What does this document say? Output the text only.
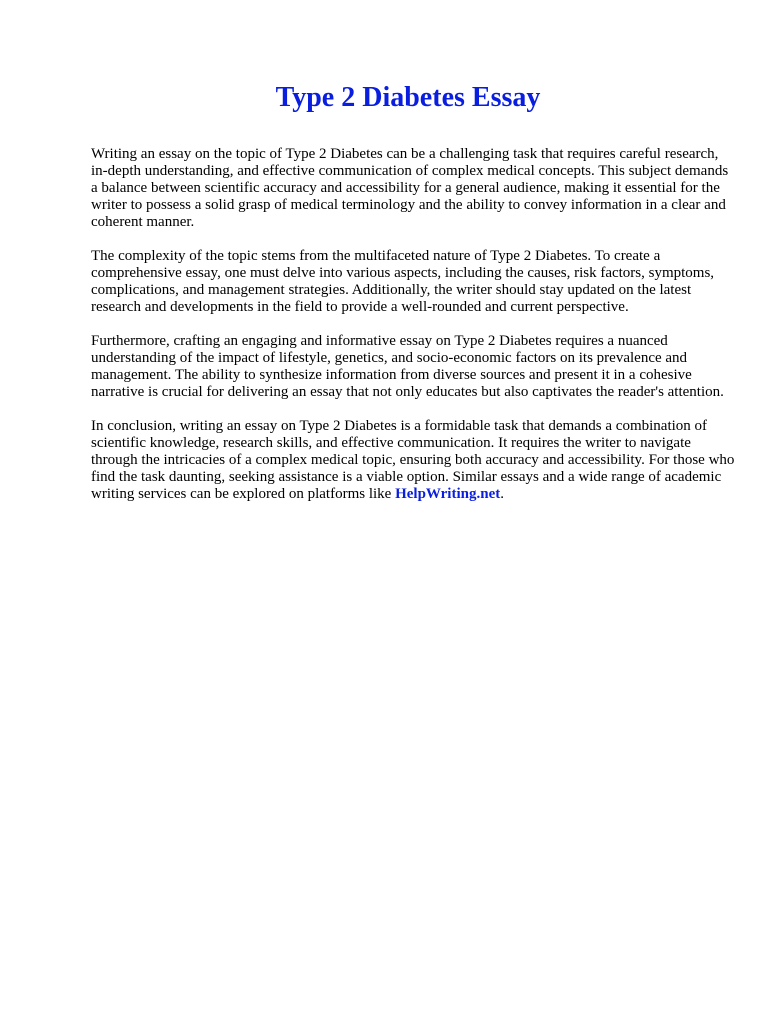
Type 2 Diabetes Essay

Writing an essay on the topic of Type 2 Diabetes can be a challenging task that requires careful research, in-depth understanding, and effective communication of complex medical concepts. This subject demands a balance between scientific accuracy and accessibility for a general audience, making it essential for the writer to possess a solid grasp of medical terminology and the ability to convey information in a clear and coherent manner.

The complexity of the topic stems from the multifaceted nature of Type 2 Diabetes. To create a comprehensive essay, one must delve into various aspects, including the causes, risk factors, symptoms, complications, and management strategies. Additionally, the writer should stay updated on the latest research and developments in the field to provide a well-rounded and current perspective.

Furthermore, crafting an engaging and informative essay on Type 2 Diabetes requires a nuanced understanding of the impact of lifestyle, genetics, and socio-economic factors on its prevalence and management. The ability to synthesize information from diverse sources and present it in a cohesive narrative is crucial for delivering an essay that not only educates but also captivates the reader's attention.

In conclusion, writing an essay on Type 2 Diabetes is a formidable task that demands a combination of scientific knowledge, research skills, and effective communication. It requires the writer to navigate through the intricacies of a complex medical topic, ensuring both accuracy and accessibility. For those who find the task daunting, seeking assistance is a viable option. Similar essays and a wide range of academic writing services can be explored on platforms like HelpWriting.net.
